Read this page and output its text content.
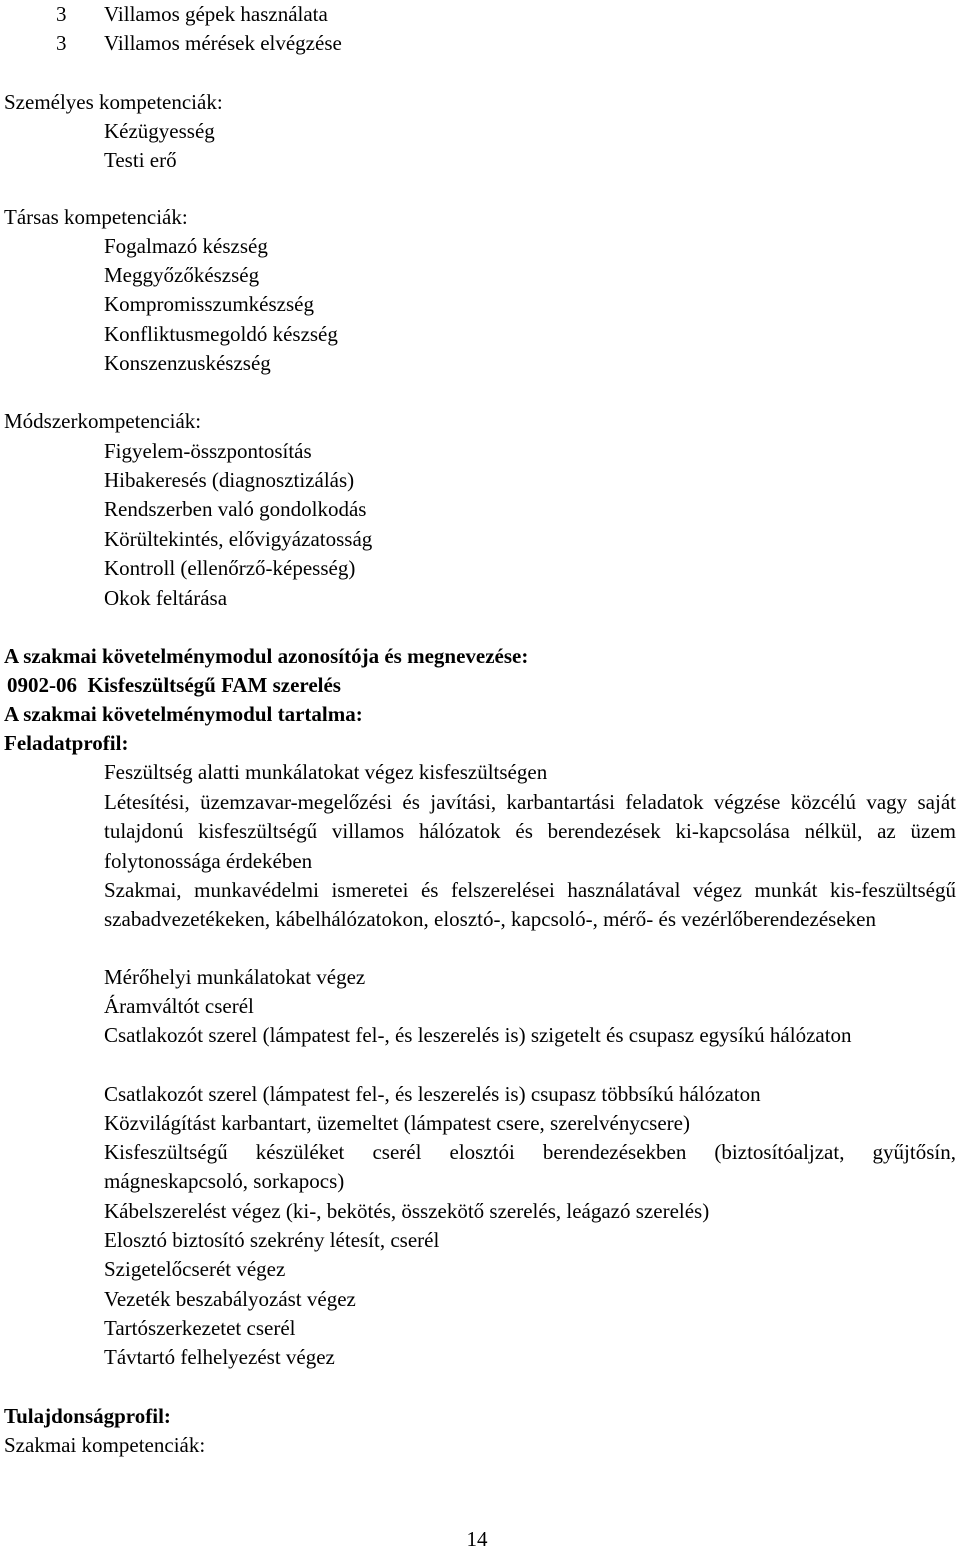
3 Villamos gépek használata
3 Villamos mérések elvégzése
Személyes kompetenciák:
Kézügyesség
Testi erő
Társas kompetenciák:
Fogalmazó készség
Meggyőzőkészség
Kompromisszumkészség
Konfliktusmegoldó készség
Konszenzuskészség
Módszerkompetenciák:
Figyelem-összpontosítás
Hibakeresés (diagnosztizálás)
Rendszerben való gondolkodás
Körültekintés, elővigyázatosság
Kontroll (ellenőrző-képesség)
Okok feltárása
A szakmai követelménymodul azonosítója és megnevezése:
0902-06  Kisfeszültségű FAM szerelés
A szakmai követelménymodul tartalma:
Feladatprofil:
Feszültség alatti munkálatokat végez kisfeszültségen
Létesítési, üzemzavar-megelőzési és javítási, karbantartási feladatok végzése közcélú vagy saját tulajdonú kisfeszültségű villamos hálózatok és berendezések ki-kapcsolása nélkül, az üzem folytonossága érdekében
Szakmai, munkavédelmi ismeretei és felszerelései használatával végez munkát kis-feszültségű szabadvezetékeken, kábelhálózatokon, elosztó-, kapcsoló-, mérő- és vezérlőberendezéseken
Mérőhelyi munkálatokat végez
Áramváltót cserél
Csatlakozót szerel (lámpatest fel-, és leszerelés is) szigetelt és csupasz egysíkú hálózaton
Csatlakozót szerel (lámpatest fel-, és leszerelés is) csupasz többsíkú hálózaton
Közvilágítást karbantart, üzemeltet (lámpatest csere, szerelvénycsere)
Kisfeszültségű készüléket cserél elosztói berendezésekben (biztosítóaljzat, gyűjtősín, mágneskapcsoló, sorkapocs)
Kábelszerelést végez (ki-, bekötés, összekötő szerelés, leágazó szerelés)
Elosztó biztosító szekrény létesít, cserél
Szigetelőcserét végez
Vezeték beszabályozást végez
Tartószerkezetet cserél
Távtartó felhelyezést végez
Tulajdonságprofil:
Szakmai kompetenciák:
14
